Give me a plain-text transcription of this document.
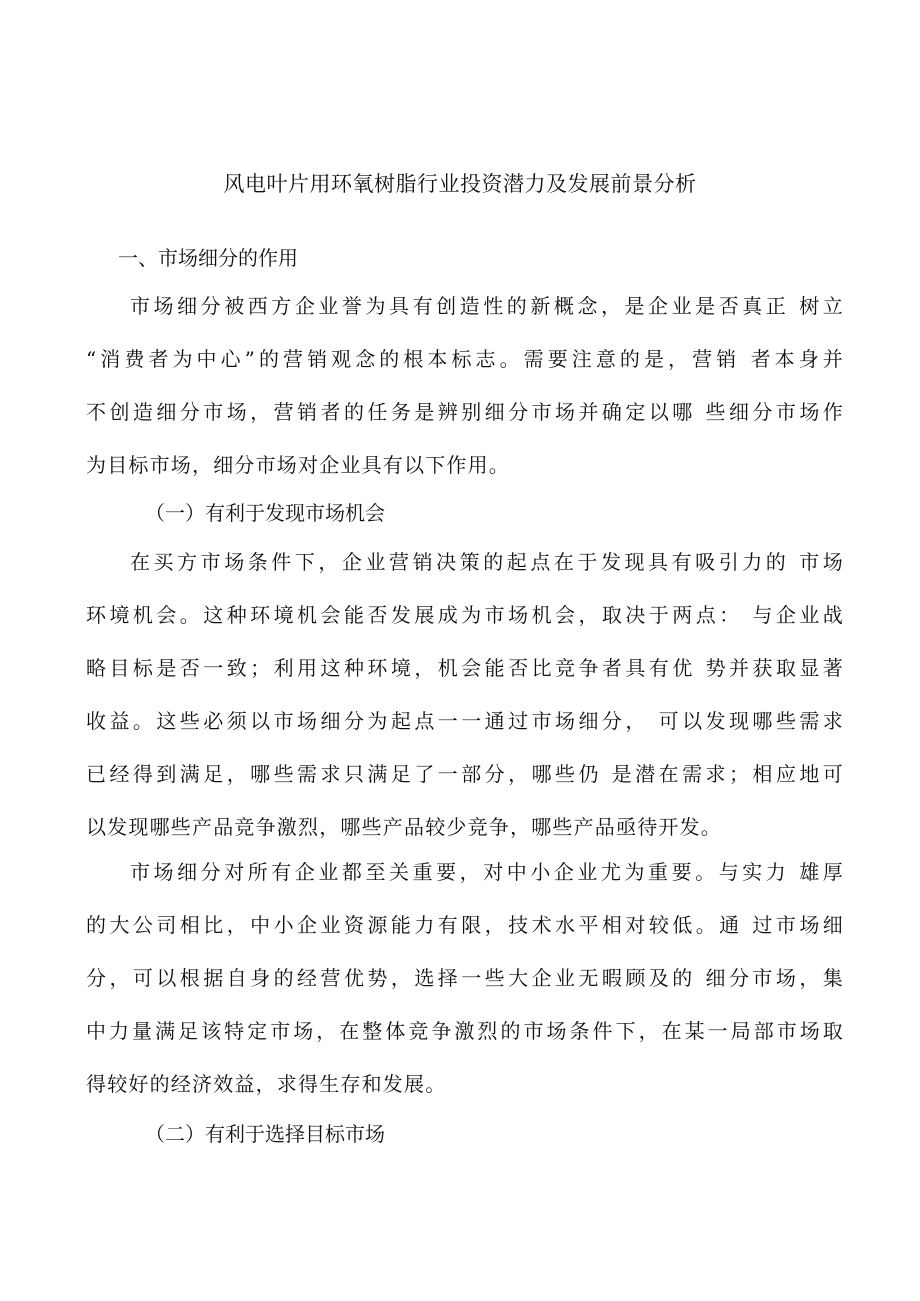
风电叶片用环氧树脂行业投资潜力及发展前景分析
一、市场细分的作用
市场细分被西方企业誉为具有创造性的新概念，是企业是否真正 树立
“消费者为中心”的营销观念的根本标志。需要注意的是，营销 者本身并
不创造细分市场，营销者的任务是辨别细分市场并确定以哪 些细分市场作
为目标市场，细分市场对企业具有以下作用。
（一）有利于发现市场机会
在买方市场条件下，企业营销决策的起点在于发现具有吸引力的 市场
环境机会。这种环境机会能否发展成为市场机会，取决于两点： 与企业战
略目标是否一致；利用这种环境，机会能否比竞争者具有优 势并获取显著
收益。这些必须以市场细分为起点一一通过市场细分， 可以发现哪些需求
已经得到满足，哪些需求只满足了一部分，哪些仍 是潜在需求；相应地可
以发现哪些产品竞争激烈，哪些产品较少竞争，哪些产品亟待开发。
市场细分对所有企业都至关重要，对中小企业尤为重要。与实力 雄厚
的大公司相比，中小企业资源能力有限，技术水平相对较低。通 过市场细
分，可以根据自身的经营优势，选择一些大企业无暇顾及的 细分市场，集
中力量满足该特定市场，在整体竞争激烈的市场条件下，在某一局部市场取
得较好的经济效益，求得生存和发展。
（二）有利于选择目标市场
